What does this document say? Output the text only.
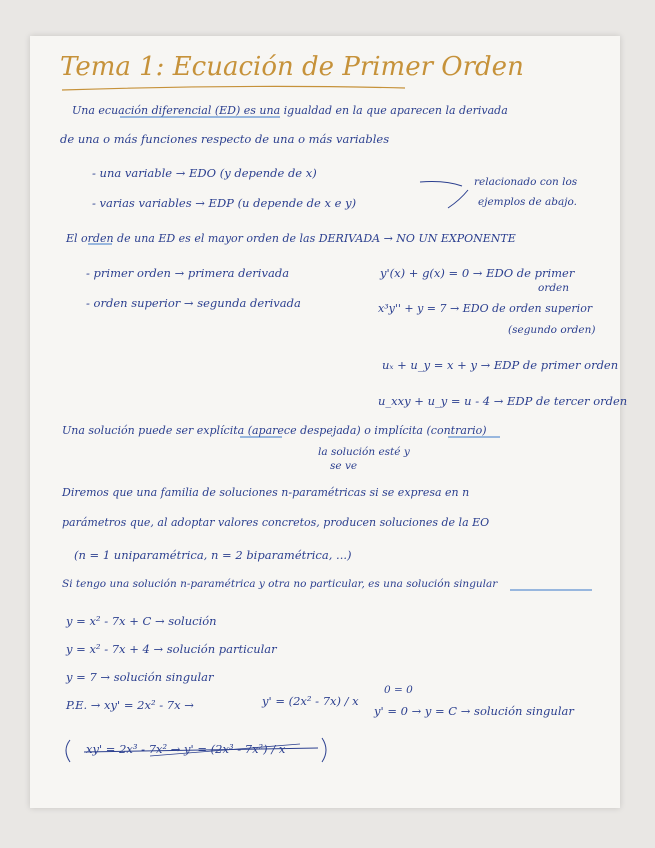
Tema 1: Ecuación de Primer Orden
Una ecuación diferencial (ED) es una igualdad en la que aparecen la derivada
de una o más funciones respecto de una o más variables
- una variable → EDO (y depende de x)
- varias variables → EDP (u depende de x e y)
relacionado con los
ejemplos de abajo.
El orden de una ED es el mayor orden de las DERIVADA → NO UN EXPONENTE
- primer orden → primera derivada	y'(x) + g(x) = 0 → EDO de primer
orden
- orden superior → segunda derivada	x³y'' + y = 7 → EDO de orden superior
(segundo orden)
uₓ + u_y = x + y → EDP de primer orden
u_xxy + u_y = u - 4 → EDP de tercer orden
Una solución puede ser explícita (aparece despejada) o implícita (contrario)
la solución esté y
se ve
Diremos que una familia de soluciones n-paramétricas si se expresa en n
parámetros que, al adoptar valores concretos, producen soluciones de la EO
(n = 1 uniparamétrica, n = 2 biparamétrica, ...)
Si tengo una solución n-paramétrica y otra no particular, es una solución singular
y = x² - 7x + C → solución
y = x² - 7x + 4 → solución particular
y = 7 → solución singular
P.E. → xy' = 2x² - 7x →	y' = (2x² - 7x) / x
0 = 0
y' = 0 → y = C → solución singular
xy' = 2x³ - 7x² → y' = (2x³ - 7x²) / x
